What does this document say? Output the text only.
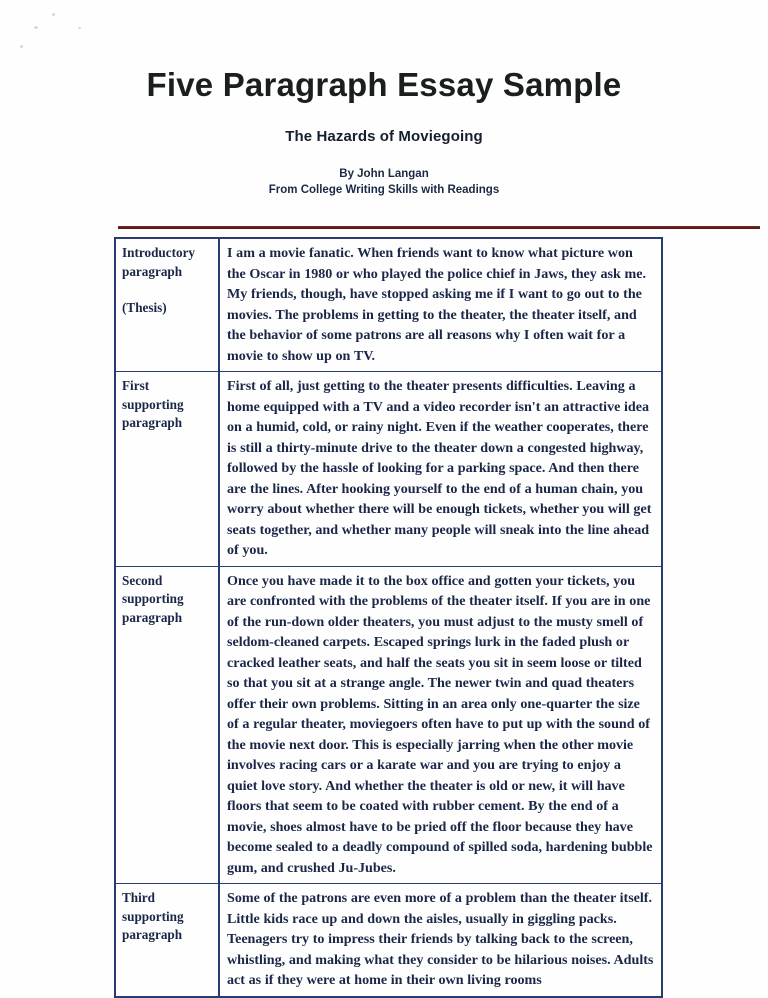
Five Paragraph Essay Sample
The Hazards of Moviegoing
By John Langan
From College Writing Skills with Readings
Introductory
paragraph
(Thesis)
	I am a movie fanatic. When friends want to know what picture won the Oscar in 1980 or who played the police chief in Jaws, they ask me. My friends, though, have stopped asking me if I want to go out to the movies. The problems in getting to the theater, the theater itself, and the behavior of some patrons are all reasons why I often wait for a movie to show up on TV.
First
supporting
paragraph	First of all, just getting to the theater presents difficulties. Leaving a home equipped with a TV and a video recorder isn't an attractive idea on a humid, cold, or rainy night. Even if the weather cooperates, there is still a thirty-minute drive to the theater down a congested highway, followed by the hassle of looking for a parking space. And then there are the lines. After hooking yourself to the end of a human chain, you worry about whether there will be enough tickets, whether you will get seats together, and whether many people will sneak into the line ahead of you.
Second
supporting
paragraph	Once you have made it to the box office and gotten your tickets, you are confronted with the problems of the theater itself. If you are in one of the run-down older theaters, you must adjust to the musty smell of seldom-cleaned carpets. Escaped springs lurk in the faded plush or cracked leather seats, and half the seats you sit in seem loose or tilted so that you sit at a strange angle. The newer twin and quad theaters offer their own problems. Sitting in an area only one-quarter the size of a regular theater, moviegoers often have to put up with the sound of the movie next door. This is especially jarring when the other movie involves racing cars or a karate war and you are trying to enjoy a quiet love story. And whether the theater is old or new, it will have floors that seem to be coated with rubber cement. By the end of a movie, shoes almost have to be pried off the floor because they have become sealed to a deadly compound of spilled soda, hardening bubble gum, and crushed Ju-Jubes.
Third
supporting
paragraph	Some of the patrons are even more of a problem than the theater itself. Little kids race up and down the aisles, usually in giggling packs. Teenagers try to impress their friends by talking back to the screen, whistling, and making what they consider to be hilarious noises. Adults act as if they were at home in their own living rooms
